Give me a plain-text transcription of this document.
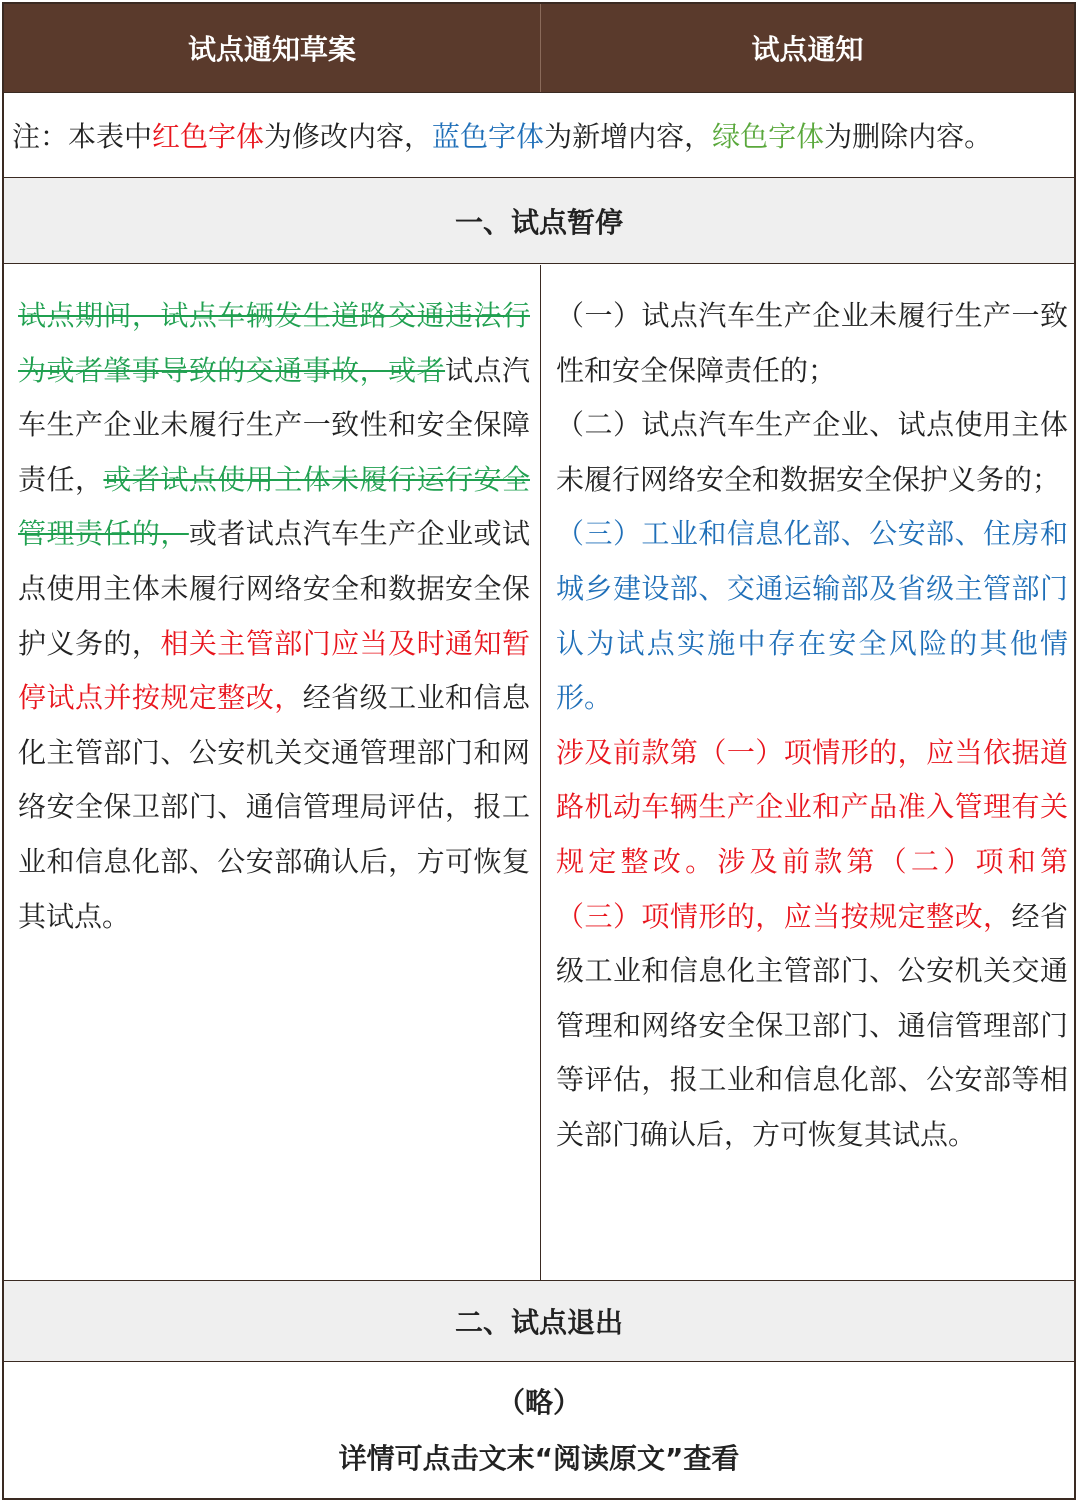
试点通知草案	试点通知
注：本表中 红色字体 为修改内容， 蓝色字体 为新增内容， 绿色字体 为删除内容。
一、试点暂停

试点期间，试点车辆发生道路交通违法行为或者肇事导致的交通事故，或者试点汽车生产企业未履行生产一致性和安全保障责任，或者试点使用主体未履行运行安全管理责任的，或者试点汽车生产企业或试点使用主体未履行网络安全和数据安全保护义务的，相关主管部门应当及时通知暂停试点并按规定整改，经省级工业和信息化主管部门、公安机关交通管理部门和网络安全保卫部门、通信管理局评估，报工业和信息化部、公安部确认后，方可恢复其试点。

（一）试点汽车生产企业未履行生产一致性和安全保障责任的；

（二）试点汽车生产企业、试点使用主体未履行网络安全和数据安全保护义务的；

（三）工业和信息化部、公安部、住房和城乡建设部、交通运输部及省级主管部门认为试点实施中存在安全风险的其他情形。

涉及前款第（一）项情形的，应当依据道路机动车辆生产企业和产品准入管理有关规定整改。涉及前款第（二）项和第（三）项情形的，应当按规定整改，经省级工业和信息化主管部门、公安机关交通管理和网络安全保卫部门、通信管理部门等评估，报工业和信息化部、公安部等相关部门确认后，方可恢复其试点。

二、试点退出
（略）
详情可点击文末“阅读原文”查看
